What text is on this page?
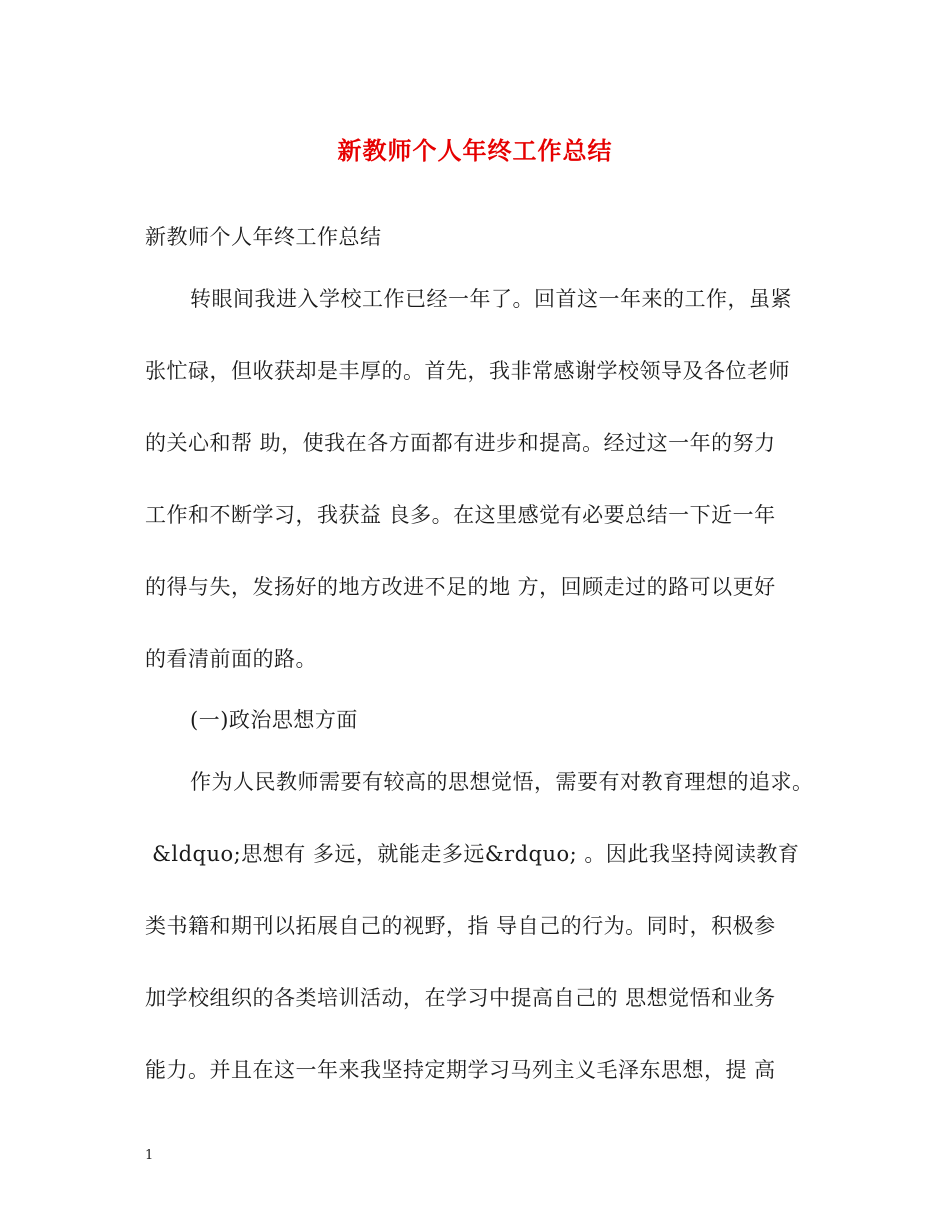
新教师个人年终工作总结
新教师个人年终工作总结
转眼间我进入学校工作已经一年了。回首这一年来的工作，虽紧
张忙碌，但收获却是丰厚的。首先，我非常感谢学校领导及各位老师
的关心和帮 助，使我在各方面都有进步和提高。经过这一年的努力
工作和不断学习，我获益 良多。在这里感觉有必要总结一下近一年
的得与失，发扬好的地方改进不足的地 方，回顾走过的路可以更好
的看清前面的路。
(一)政治思想方面
作为人民教师需要有较高的思想觉悟，需要有对教育理想的追求。
&ldquo;思想有 多远，就能走多远&rdquo; 。因此我坚持阅读教育
类书籍和期刊以拓展自己的视野，指 导自己的行为。同时，积极参
加学校组织的各类培训活动，在学习中提高自己的 思想觉悟和业务
能力。并且在这一年来我坚持定期学习马列主义毛泽东思想，提 高
1
